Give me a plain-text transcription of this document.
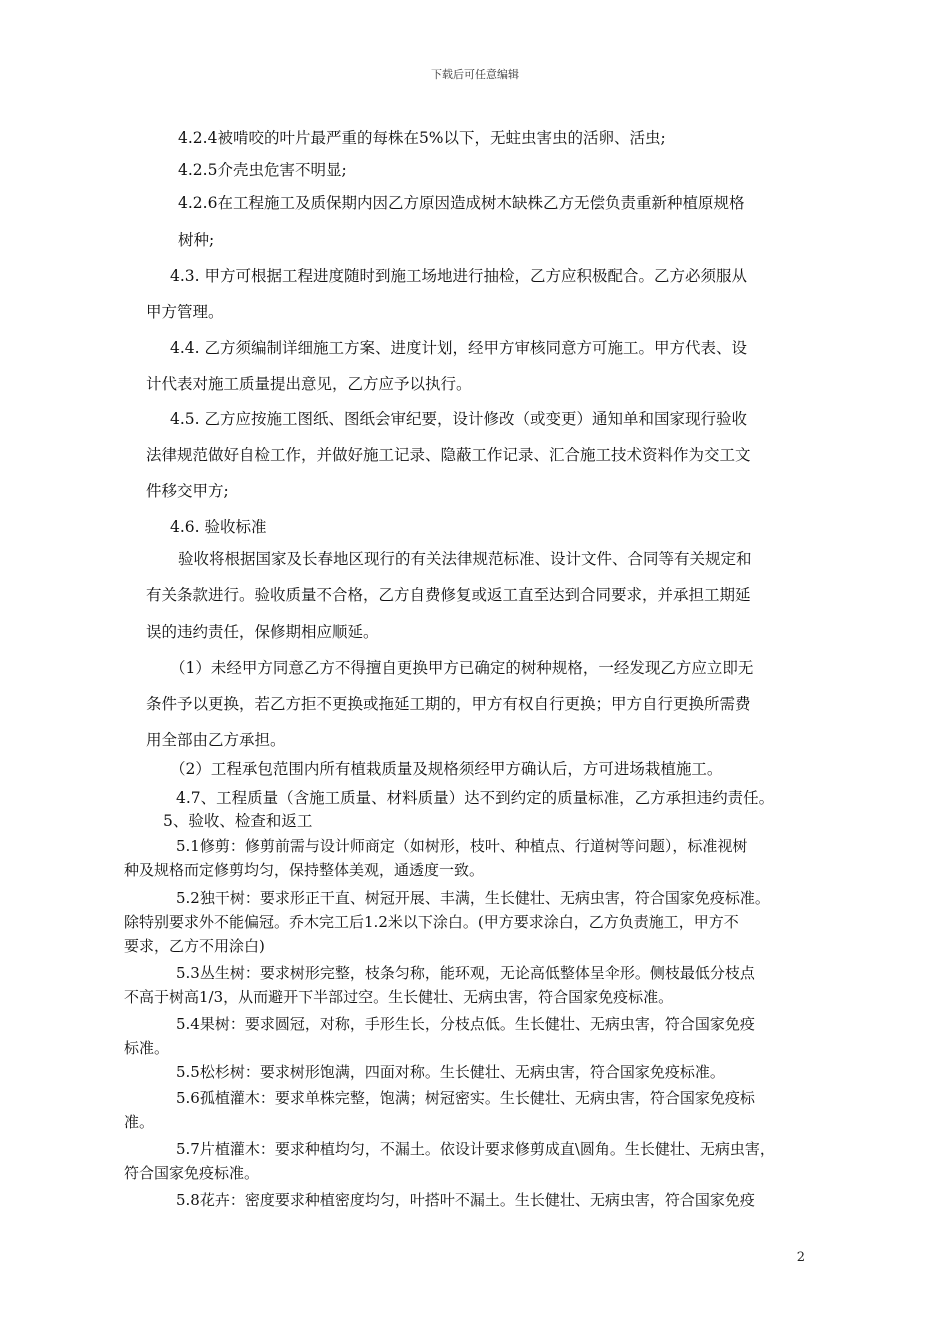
下载后可任意编辑
4.2.4被啃咬的叶片最严重的每株在5%以下，无蛀虫害虫的活卵、活虫;
4.2.5介壳虫危害不明显;
4.2.6在工程施工及质保期内因乙方原因造成树木缺株乙方无偿负责重新种植原规格
树种;
4.3. 甲方可根据工程进度随时到施工场地进行抽检，乙方应积极配合。乙方必须服从
甲方管理。
4.4. 乙方须编制详细施工方案、进度计划，经甲方审核同意方可施工。甲方代表、设
计代表对施工质量提出意见，乙方应予以执行。
4.5. 乙方应按施工图纸、图纸会审纪要，设计修改（或变更）通知单和国家现行验收
法律规范做好自检工作，并做好施工记录、隐蔽工作记录、汇合施工技术资料作为交工文
件移交甲方;
4.6. 验收标准
验收将根据国家及长春地区现行的有关法律规范标准、设计文件、合同等有关规定和
有关条款进行。验收质量不合格，乙方自费修复或返工直至达到合同要求，并承担工期延
误的违约责任，保修期相应顺延。
（1）未经甲方同意乙方不得擅自更换甲方已确定的树种规格，一经发现乙方应立即无
条件予以更换，若乙方拒不更换或拖延工期的，甲方有权自行更换；甲方自行更换所需费
用全部由乙方承担。
（2）工程承包范围内所有植栽质量及规格须经甲方确认后，方可进场栽植施工。
4.7、工程质量（含施工质量、材料质量）达不到约定的质量标准，乙方承担违约责任。
5、验收、检查和返工
5.1修剪：修剪前需与设计师商定（如树形，枝叶、种植点、行道树等问题），标准视树
种及规格而定修剪均匀，保持整体美观，通透度一致。
5.2独干树：要求形正干直、树冠开展、丰满，生长健壮、无病虫害，符合国家免疫标准。
除特别要求外不能偏冠。乔木完工后1.2米以下涂白。(甲方要求涂白，乙方负责施工，甲方不
要求，乙方不用涂白)
5.3丛生树：要求树形完整，枝条匀称，能环观，无论高低整体呈伞形。侧枝最低分枝点
不高于树高1/3，从而避开下半部过空。生长健壮、无病虫害，符合国家免疫标准。
5.4果树：要求圆冠，对称，手形生长，分枝点低。生长健壮、无病虫害，符合国家免疫
标准。
5.5松杉树：要求树形饱满，四面对称。生长健壮、无病虫害，符合国家免疫标准。
5.6孤植灌木：要求单株完整，饱满；树冠密实。生长健壮、无病虫害，符合国家免疫标
准。
5.7片植灌木：要求种植均匀，不漏土。依设计要求修剪成直\圆角。生长健壮、无病虫害，
符合国家免疫标准。
5.8花卉：密度要求种植密度均匀，叶搭叶不漏土。生长健壮、无病虫害，符合国家免疫
2
